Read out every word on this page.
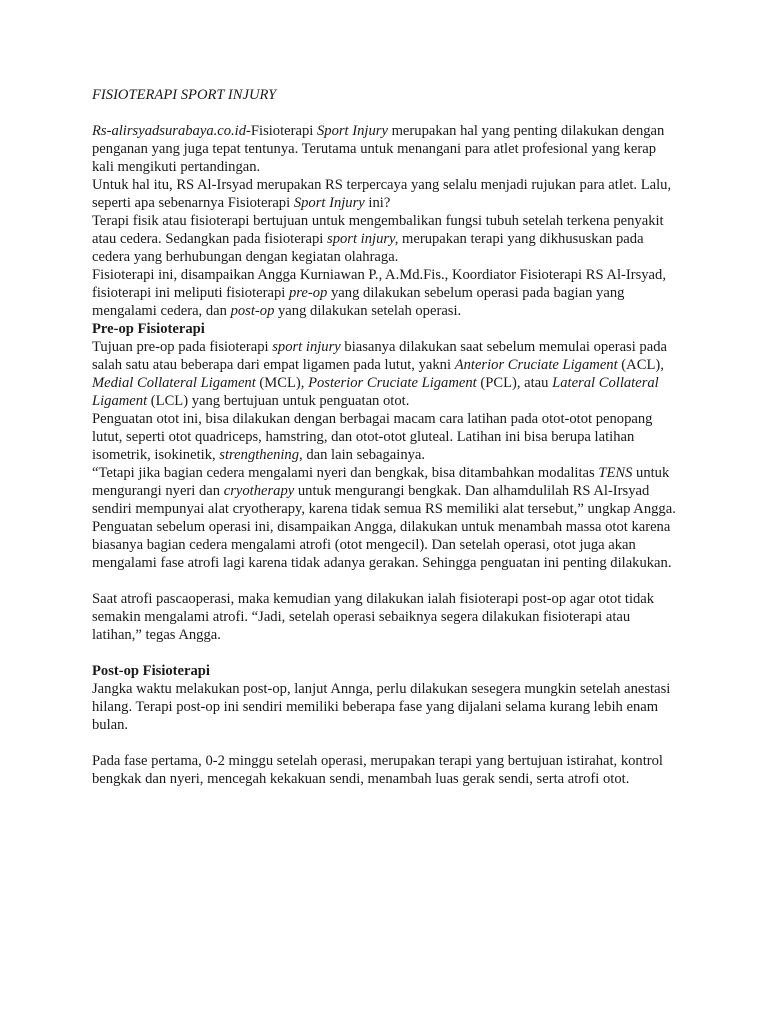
FISIOTERAPI SPORT INJURY

Rs-alirsyadsurabaya.co.id-Fisioterapi Sport Injury merupakan hal yang penting dilakukan dengan penganan yang juga tepat tentunya. Terutama untuk menangani para atlet profesional yang kerap kali mengikuti pertandingan.

Untuk hal itu, RS Al-Irsyad merupakan RS terpercaya yang selalu menjadi rujukan para atlet. Lalu, seperti apa sebenarnya Fisioterapi Sport Injury ini?

Terapi fisik atau fisioterapi bertujuan untuk mengembalikan fungsi tubuh setelah terkena penyakit atau cedera. Sedangkan pada fisioterapi sport injury, merupakan terapi yang dikhususkan pada cedera yang berhubungan dengan kegiatan olahraga.

Fisioterapi ini, disampaikan Angga Kurniawan P., A.Md.Fis., Koordiator Fisioterapi RS Al-Irsyad, fisioterapi ini meliputi fisioterapi pre-op yang dilakukan sebelum operasi pada bagian yang mengalami cedera, dan post-op yang dilakukan setelah operasi.

Pre-op Fisioterapi

Tujuan pre-op pada fisioterapi sport injury biasanya dilakukan saat sebelum memulai operasi pada salah satu atau beberapa dari empat ligamen pada lutut, yakni Anterior Cruciate Ligament (ACL), Medial Collateral Ligament (MCL), Posterior Cruciate Ligament (PCL), atau Lateral Collateral Ligament (LCL) yang bertujuan untuk penguatan otot.

Penguatan otot ini, bisa dilakukan dengan berbagai macam cara latihan pada otot-otot penopang lutut, seperti otot quadriceps, hamstring, dan otot-otot gluteal. Latihan ini bisa berupa latihan isometrik, isokinetik, strengthening, dan lain sebagainya.

“Tetapi jika bagian cedera mengalami nyeri dan bengkak, bisa ditambahkan modalitas TENS untuk mengurangi nyeri dan cryotherapy untuk mengurangi bengkak. Dan alhamdulilah RS Al-Irsyad sendiri mempunyai alat cryotherapy, karena tidak semua RS memiliki alat tersebut,” ungkap Angga.

Penguatan sebelum operasi ini, disampaikan Angga, dilakukan untuk menambah massa otot karena biasanya bagian cedera mengalami atrofi (otot mengecil). Dan setelah operasi, otot juga akan mengalami fase atrofi lagi karena tidak adanya gerakan. Sehingga penguatan ini penting dilakukan.

Saat atrofi pascaoperasi, maka kemudian yang dilakukan ialah fisioterapi post-op agar otot tidak semakin mengalami atrofi. “Jadi, setelah operasi sebaiknya segera dilakukan fisioterapi atau latihan,” tegas Angga.

Post-op Fisioterapi

Jangka waktu melakukan post-op, lanjut Annga, perlu dilakukan sesegera mungkin setelah anestasi hilang. Terapi post-op ini sendiri memiliki beberapa fase yang dijalani selama kurang lebih enam bulan.

Pada fase pertama, 0-2 minggu setelah operasi, merupakan terapi yang bertujuan istirahat, kontrol bengkak dan nyeri, mencegah kekakuan sendi, menambah luas gerak sendi, serta atrofi otot.
